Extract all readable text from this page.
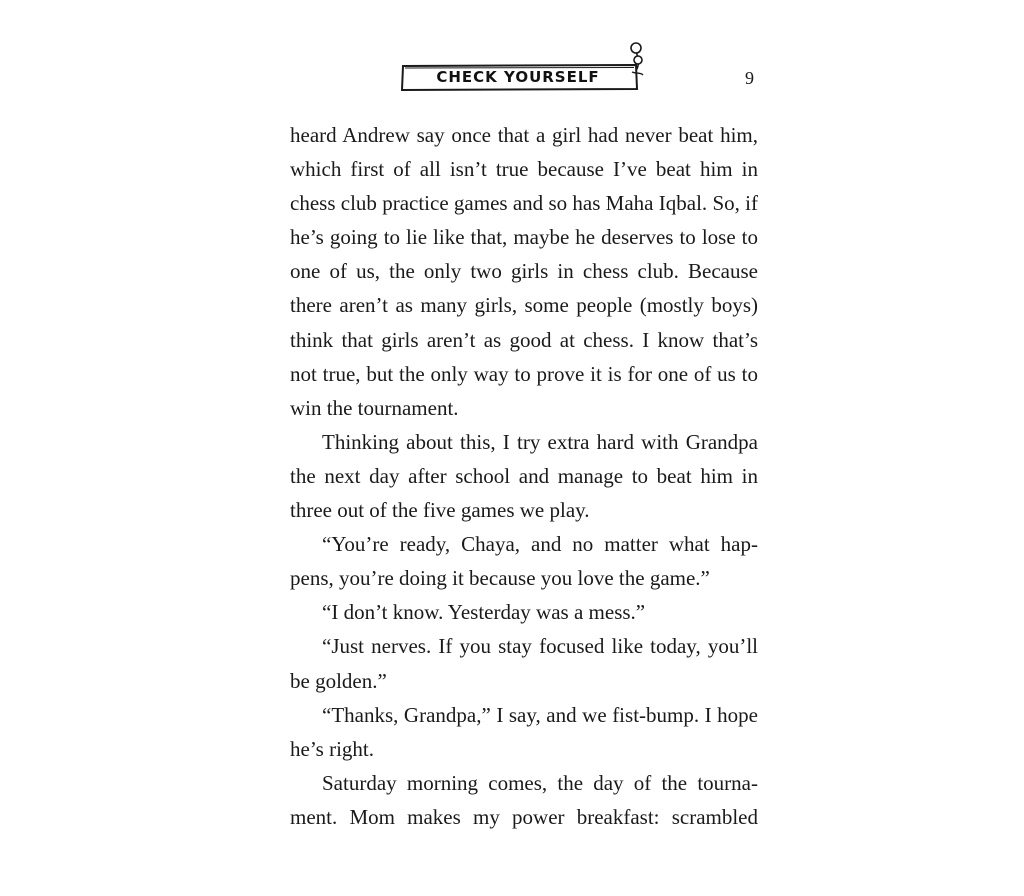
CHECK YOURSELF	9

heard Andrew say once that a girl had never beat him, which first of all isn’t true because I’ve beat him in chess club practice games and so has Maha Iqbal. So, if he’s going to lie like that, maybe he deserves to lose to one of us, the only two girls in chess club. Because there aren’t as many girls, some people (mostly boys) think that girls aren’t as good at chess. I know that’s not true, but the only way to prove it is for one of us to win the tournament.

Thinking about this, I try extra hard with Grandpa the next day after school and manage to beat him in three out of the five games we play.

“You’re ready, Chaya, and no matter what hap-pens, you’re doing it because you love the game.”

“I don’t know. Yesterday was a mess.”

“Just nerves. If you stay focused like today, you’ll be golden.”

“Thanks, Grandpa,” I say, and we fist-bump. I hope he’s right.

Saturday morning comes, the day of the tourna-ment. Mom makes my power breakfast: scrambled
